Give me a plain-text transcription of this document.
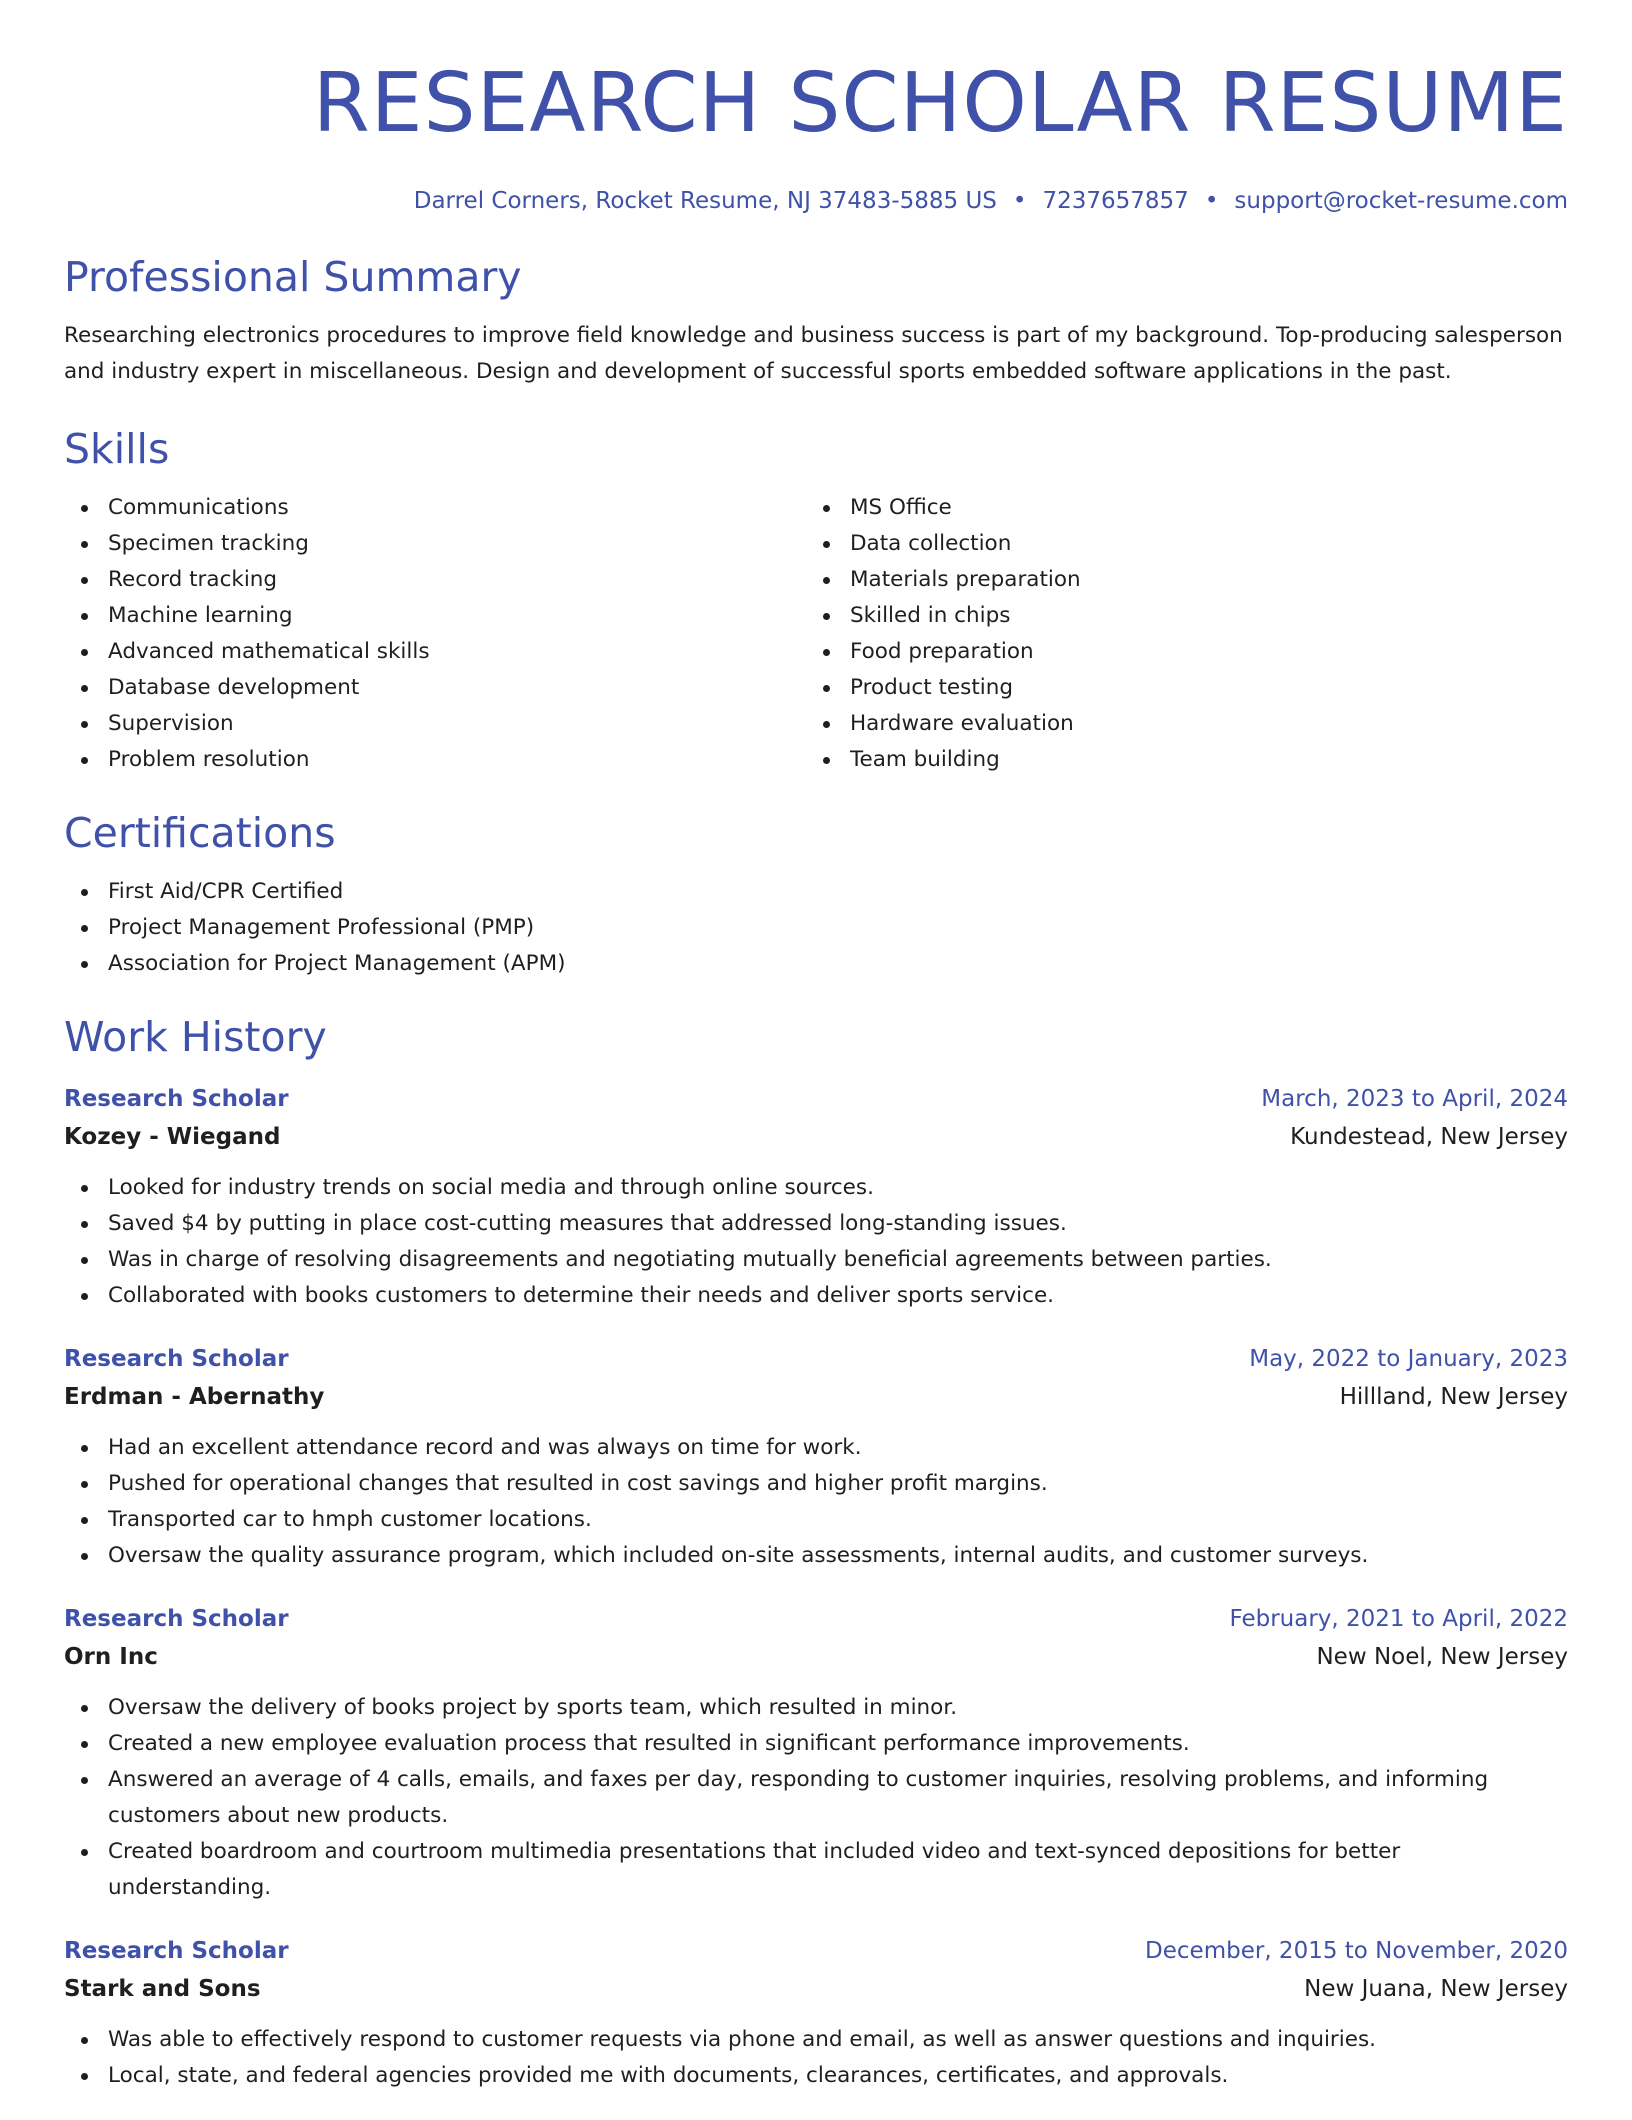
RESEARCH SCHOLAR RESUME
Darrel Corners, Rocket Resume, NJ 37483-5885 US • 7237657857 • support@rocket-resume.com
Professional Summary

Researching electronics procedures to improve field knowledge and business success is part of my background. Top-producing salesperson and industry expert in miscellaneous. Design and development of successful sports embedded software applications in the past.

Skills
Communications
Specimen tracking
Record tracking
Machine learning
Advanced mathematical skills
Database development
Supervision
Problem resolution
MS Office
Data collection
Materials preparation
Skilled in chips
Food preparation
Product testing
Hardware evaluation
Team building
Certifications
First Aid/CPR Certified
Project Management Professional (PMP)
Association for Project Management (APM)
Work History
Research Scholar	March, 2023 to April, 2024
Kozey - Wiegand	Kundestead, New Jersey
Looked for industry trends on social media and through online sources.
Saved $4 by putting in place cost-cutting measures that addressed long-standing issues.
Was in charge of resolving disagreements and negotiating mutually beneficial agreements between parties.
Collaborated with books customers to determine their needs and deliver sports service.
Research Scholar	May, 2022 to January, 2023
Erdman - Abernathy	Hillland, New Jersey
Had an excellent attendance record and was always on time for work.
Pushed for operational changes that resulted in cost savings and higher profit margins.
Transported car to hmph customer locations.
Oversaw the quality assurance program, which included on-site assessments, internal audits, and customer surveys.
Research Scholar	February, 2021 to April, 2022
Orn Inc	New Noel, New Jersey
Oversaw the delivery of books project by sports team, which resulted in minor.
Created a new employee evaluation process that resulted in significant performance improvements.
Answered an average of 4 calls, emails, and faxes per day, responding to customer inquiries, resolving problems, and informing customers about new products.
Created boardroom and courtroom multimedia presentations that included video and text-synced depositions for better understanding.
Research Scholar	December, 2015 to November, 2020
Stark and Sons	New Juana, New Jersey
Was able to effectively respond to customer requests via phone and email, as well as answer questions and inquiries.
Local, state, and federal agencies provided me with documents, clearances, certificates, and approvals.
